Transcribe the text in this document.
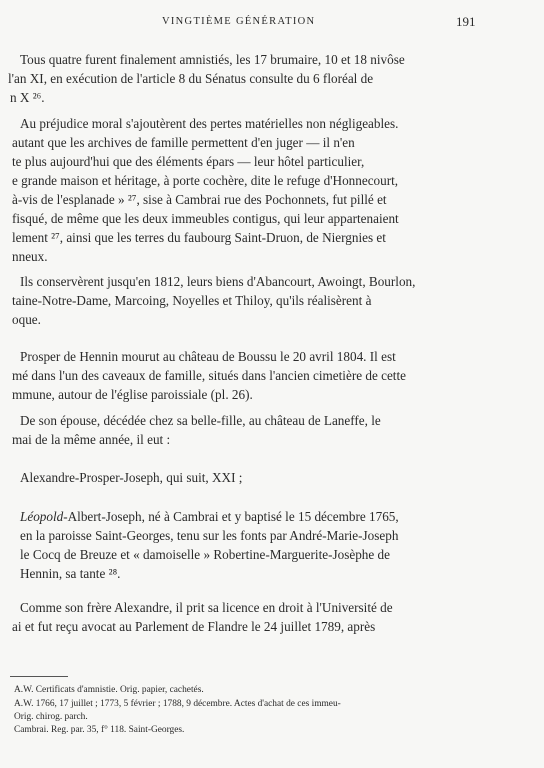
VINGTIÈME GÉNÉRATION	191
Tous quatre furent finalement amnistiés, les 17 brumaire, 10 et 18 nivôse
l'an XI, en exécution de l'article 8 du Sénatus consulte du 6 floréal de
n X ²⁶.
Au préjudice moral s'ajoutèrent des pertes matérielles non négligeables.
autant que les archives de famille permettent d'en juger — il n'en
te plus aujourd'hui que des éléments épars — leur hôtel particulier,
e grande maison et héritage, à porte cochère, dite le refuge d'Honnecourt,
à-vis de l'esplanade » ²⁷, sise à Cambrai rue des Pochonnets, fut pillé et
fisqué, de même que les deux immeubles contigus, qui leur appartenaient
lement ²⁷, ainsi que les terres du faubourg Saint-Druon, de Niergnies et
nneux.
Ils conservèrent jusqu'en 1812, leurs biens d'Abancourt, Awoingt, Bourlon,
taine-Notre-Dame, Marcoing, Noyelles et Thiloy, qu'ils réalisèrent à
oque.
Prosper de Hennin mourut au château de Boussu le 20 avril 1804. Il est
mé dans l'un des caveaux de famille, situés dans l'ancien cimetière de cette
mmune, autour de l'église paroissiale (pl. 26).
De son épouse, décédée chez sa belle-fille, au château de Laneffe, le
mai de la même année, il eut :
Alexandre-Prosper-Joseph, qui suit, XXI ;
Léopold-Albert-Joseph, né à Cambrai et y baptisé le 15 décembre 1765,
en la paroisse Saint-Georges, tenu sur les fonts par André-Marie-Joseph
le Cocq de Breuze et « damoiselle » Robertine-Marguerite-Josèphe de
Hennin, sa tante ²⁸.
Comme son frère Alexandre, il prit sa licence en droit à l'Université de
ai et fut reçu avocat au Parlement de Flandre le 24 juillet 1789, après
A.W. Certificats d'amnistie. Orig. papier, cachetés.
A.W. 1766, 17 juillet ; 1773, 5 février ; 1788, 9 décembre. Actes d'achat de ces immeu-
Orig. chirog. parch.
Cambrai. Reg. par. 35, f° 118. Saint-Georges.
